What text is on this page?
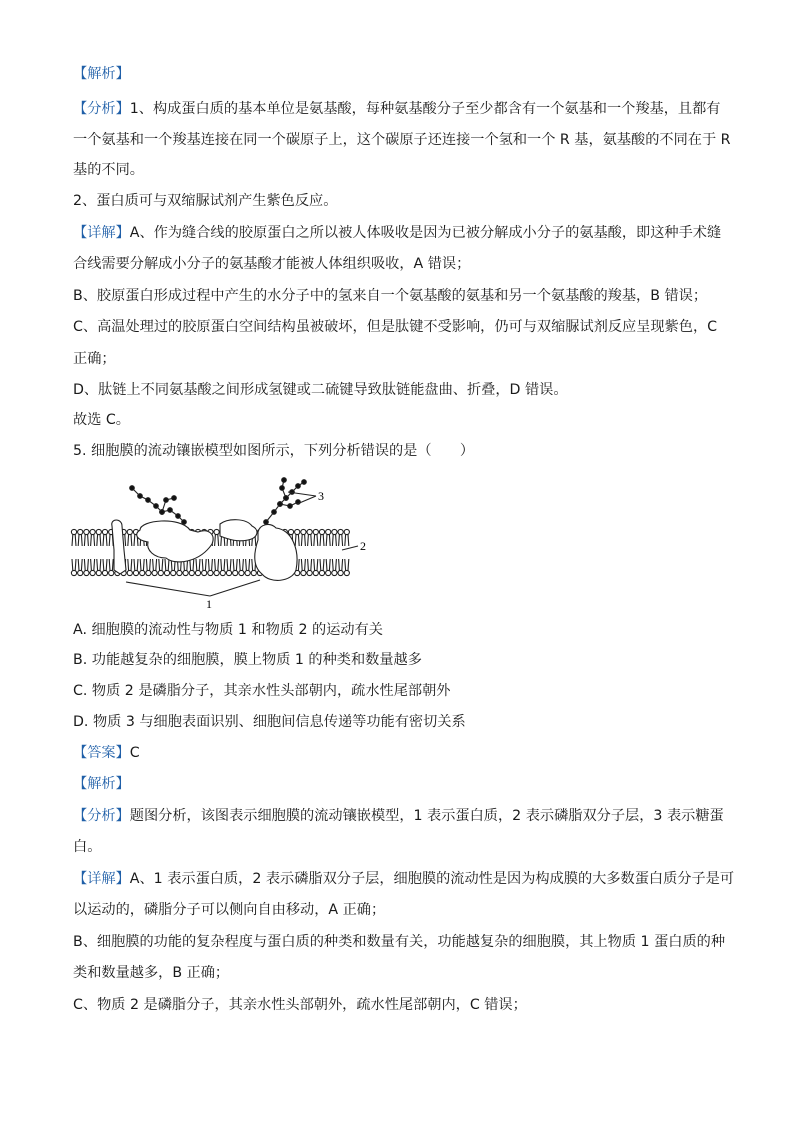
【解析】
【分析】1、构成蛋白质的基本单位是氨基酸，每种氨基酸分子至少都含有一个氨基和一个羧基，且都有
一个氨基和一个羧基连接在同一个碳原子上，这个碳原子还连接一个氢和一个 R 基，氨基酸的不同在于 R
基的不同。
2、蛋白质可与双缩脲试剂产生紫色反应。
【详解】A、作为缝合线的胶原蛋白之所以被人体吸收是因为已被分解成小分子的氨基酸，即这种手术缝
合线需要分解成小分子的氨基酸才能被人体组织吸收，A 错误；
B、胶原蛋白形成过程中产生的水分子中的氢来自一个氨基酸的氨基和另一个氨基酸的羧基，B 错误；
C、高温处理过的胶原蛋白空间结构虽被破坏，但是肽键不受影响，仍可与双缩脲试剂反应呈现紫色，C
正确；
D、肽链上不同氨基酸之间形成氢键或二硫键导致肽链能盘曲、折叠，D 错误。
故选 C。
5. 细胞膜的流动镶嵌模型如图所示，下列分析错误的是（　　）
3
2
1
A. 细胞膜的流动性与物质 1 和物质 2 的运动有关
B. 功能越复杂的细胞膜，膜上物质 1 的种类和数量越多
C. 物质 2 是磷脂分子，其亲水性头部朝内，疏水性尾部朝外
D. 物质 3 与细胞表面识别、细胞间信息传递等功能有密切关系
【答案】C
【解析】
【分析】题图分析，该图表示细胞膜的流动镶嵌模型，1 表示蛋白质，2 表示磷脂双分子层，3 表示糖蛋
白。
【详解】A、1 表示蛋白质，2 表示磷脂双分子层，细胞膜的流动性是因为构成膜的大多数蛋白质分子是可
以运动的，磷脂分子可以侧向自由移动，A 正确；
B、细胞膜的功能的复杂程度与蛋白质的种类和数量有关，功能越复杂的细胞膜，其上物质 1 蛋白质的种
类和数量越多，B 正确；
C、物质 2 是磷脂分子，其亲水性头部朝外，疏水性尾部朝内，C 错误；
